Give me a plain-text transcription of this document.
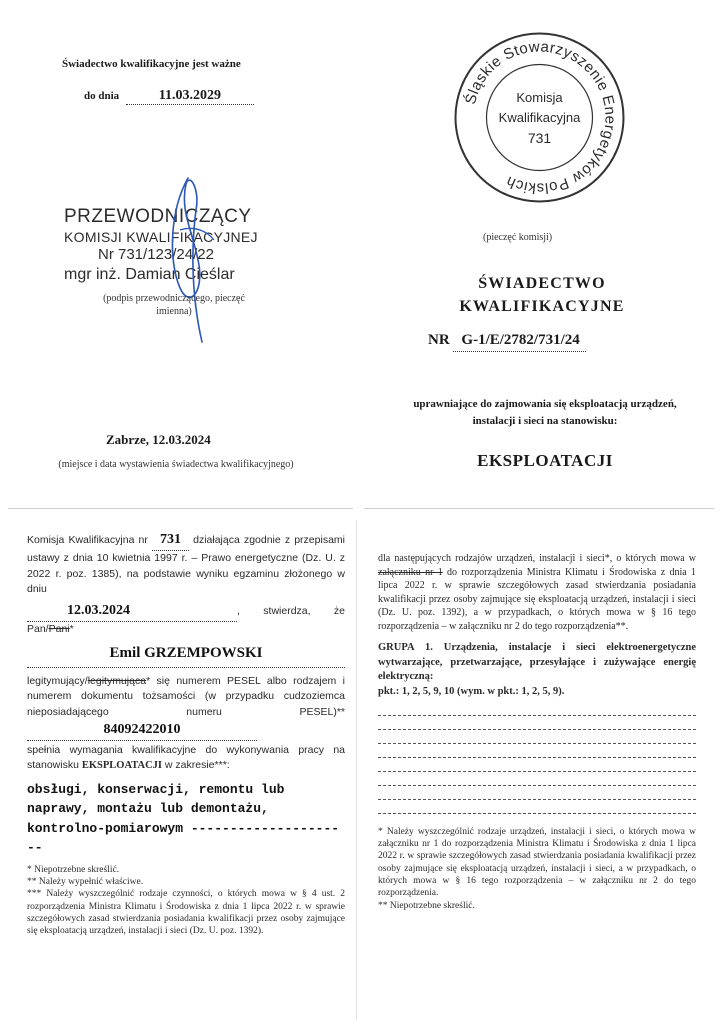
Świadectwo kwalifikacyjne jest ważne
do dnia	11.03.2029
PRZEWODNICZĄCY
KOMISJI KWALIFIKACYJNEJ
Nr 731/123/24/22
mgr inż. Damian Cieślar
(podpis przewodniczącego, pieczęć imienna)
Zabrze, 12.03.2024
(miejsce i data wystawienia świadectwa kwalifikacyjnego)
Śląskie Stowarzyszenie Energetyków Polskich
Komisja
Kwalifikacyjna
731
(pieczęć komisji)
ŚWIADECTWO
KWALIFIKACYJNE
NR G-1/E/2782/731/24
uprawniające do zajmowania się eksploatacją urządzeń, instalacji i sieci na stanowisku:
EKSPLOATACJI
Komisja Kwalifikacyjna nr 731 działająca zgodnie z przepisami ustawy z dnia 10 kwietnia 1997 r. – Prawo energetyczne (Dz. U. z 2022 r. poz. 1385), na podstawie wyniku egzaminu złożonego w dniu
12.03.2024	, stwierdza, że Pan/Pani*
Emil GRZEMPOWSKI
legitymujący/legitymująca* się numerem PESEL albo rodzajem i numerem dokumentu tożsamości (w przypadku cudzoziemca nieposiadającego numeru PESEL)** 84092422010
spełnia wymagania kwalifikacyjne do wykonywania pracy na stanowisku EKSPLOATACJI w zakresie***:
obsługi, konserwacji, remontu lub naprawy, montażu lub demontażu, kontrolno-pomiarowym ---------------------
* Niepotrzebne skreślić.
** Należy wypełnić właściwe.
*** Należy wyszczególnić rodzaje czynności, o których mowa w § 4 ust. 2 rozporządzenia Ministra Klimatu i Środowiska z dnia 1 lipca 2022 r. w sprawie szczegółowych zasad stwierdzania posiadania kwalifikacji przez osoby zajmujące się eksploatacją urządzeń, instalacji i sieci (Dz. U. poz. 1392).
dla następujących rodzajów urządzeń, instalacji i sieci*, o których mowa w załączniku nr 1 do rozporządzenia Ministra Klimatu i Środowiska z dnia 1 lipca 2022 r. w sprawie szczegółowych zasad stwierdzania posiadania kwalifikacji przez osoby zajmujące się eksploatacją urządzeń, instalacji i sieci (Dz. U. poz. 1392), a w przypadkach, o których mowa w § 16 tego rozporządzenia – w załączniku nr 2 do tego rozporządzenia**.
GRUPA 1. Urządzenia, instalacje i sieci elektroenergetyczne wytwarzające, przetwarzające, przesyłające i zużywające energię elektryczną:
pkt.: 1, 2, 5, 9, 10 (wym. w pkt.: 1, 2, 5, 9).
* Należy wyszczególnić rodzaje urządzeń, instalacji i sieci, o których mowa w załączniku nr 1 do rozporządzenia Ministra Klimatu i Środowiska z dnia 1 lipca 2022 r. w sprawie szczegółowych zasad stwierdzania posiadania kwalifikacji przez osoby zajmujące się eksploatacją urządzeń, instalacji i sieci, a w przypadkach, o których mowa w § 16 tego rozporządzenia – w załączniku nr 2 do tego rozporządzenia.
** Niepotrzebne skreślić.
